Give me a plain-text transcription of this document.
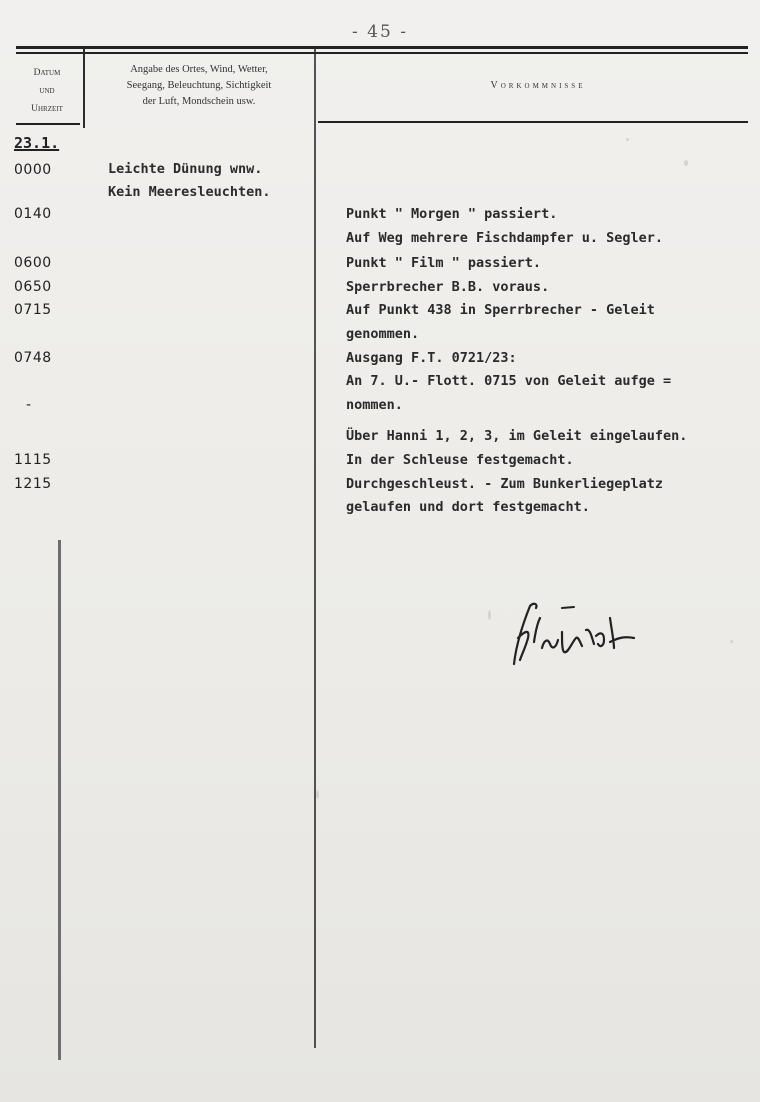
- 45 -
Datum
und
Uhrzeit
Angabe des Ortes, Wind, Wetter,
Seegang, Beleuchtung, Sichtigkeit
der Luft, Mondschein usw.
Vorkommnisse
23.1.
0000
0140
0600
0650
0715
0748
-
1115
1215
Leichte Dünung wnw.
Kein Meeresleuchten.
Punkt " Morgen " passiert.
Auf Weg mehrere Fischdampfer u. Segler.
Punkt " Film " passiert.
Sperrbrecher B.B. voraus.
Auf Punkt 438 in Sperrbrecher - Geleit
genommen.
Ausgang F.T. 0721/23:
An 7. U.- Flott. 0715 von Geleit aufge =
nommen.
Über Hanni 1, 2, 3, im Geleit eingelaufen.
In der Schleuse festgemacht.
Durchgeschleust. - Zum Bunkerliegeplatz
gelaufen und dort festgemacht.
